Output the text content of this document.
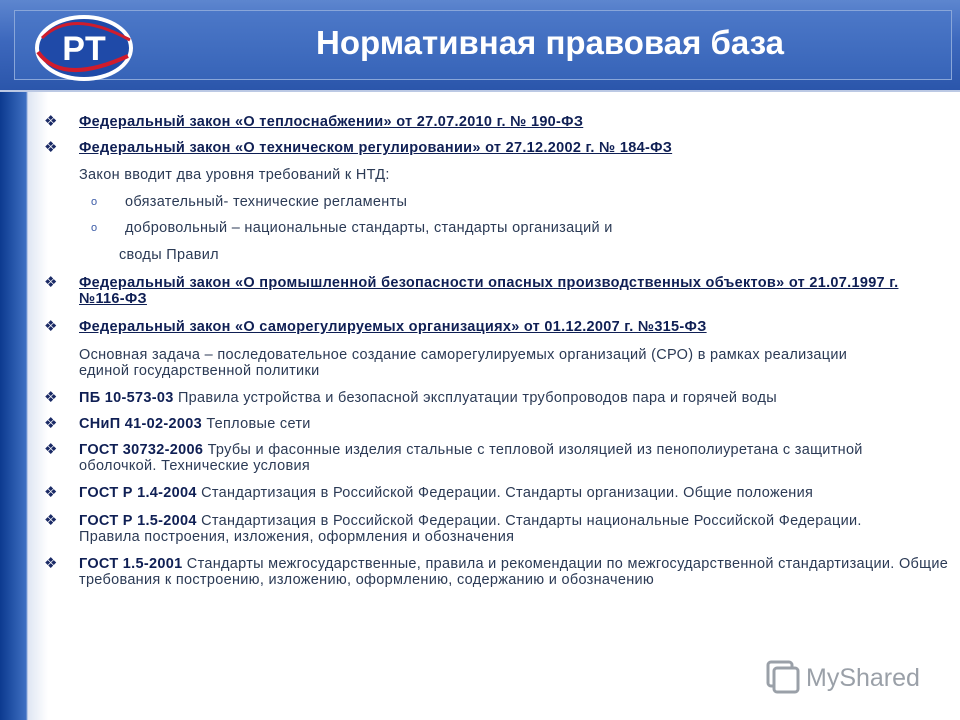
PT	Нормативная правовая база
❖ Федеральный закон «О теплоснабжении» от 27.07.2010 г. № 190-ФЗ
❖ Федеральный закон «О техническом регулировании» от 27.12.2002 г. № 184-ФЗ
Закон вводит два уровня требований к НТД:
o	обязательный- технические регламенты
o	добровольный – национальные стандарты, стандарты организаций и
своды Правил
❖ Федеральный закон «О промышленной безопасности опасных производственных объектов» от 21.07.1997 г. №116-ФЗ
❖ Федеральный закон «О саморегулируемых организациях» от 01.12.2007 г. №315-ФЗ
Основная задача – последовательное создание саморегулируемых организаций (СРО) в рамках реализации единой государственной политики
❖ ПБ 10-573-03 Правила устройства и безопасной эксплуатации трубопроводов пара и горячей воды
❖ СНиП 41-02-2003 Тепловые сети
❖ ГОСТ 30732-2006 Трубы и фасонные изделия стальные с тепловой изоляцией из пенополиуретана с защитной оболочкой. Технические условия
❖ ГОСТ Р 1.4-2004 Стандартизация в Российской Федерации. Стандарты организации. Общие положения
❖ ГОСТ Р 1.5-2004 Стандартизация в Российской Федерации. Стандарты национальные Российской Федерации. Правила построения, изложения, оформления и обозначения
❖ ГОСТ 1.5-2001 Стандарты межгосударственные, правила и рекомендации по межгосударственной стандартизации. Общие требования к построению, изложению, оформлению, содержанию и обозначению
MyShared
